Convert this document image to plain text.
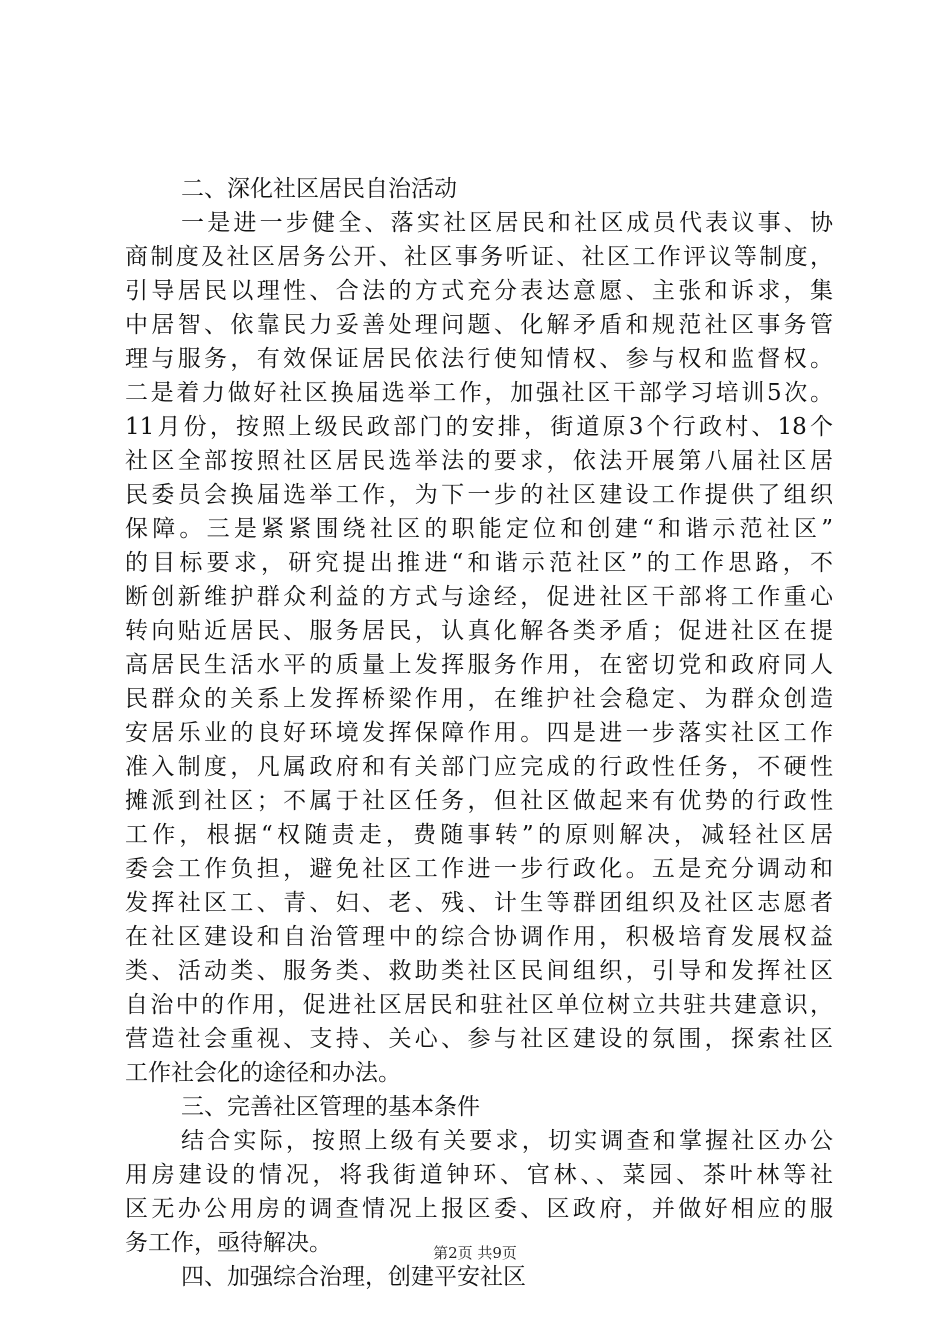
二、深化社区居民自治活动
一是进一步健全、落实社区居民和社区成员代表议事、协
商制度及社区居务公开、社区事务听证、社区工作评议等制度，
引导居民以理性、合法的方式充分表达意愿、主张和诉求，集
中居智、依靠民力妥善处理问题、化解矛盾和规范社区事务管
理与服务，有效保证居民依法行使知情权、参与权和监督权。
二是着力做好社区换届选举工作，加强社区干部学习培训5次。
11月份，按照上级民政部门的安排，街道原3个行政村、18个
社区全部按照社区居民选举法的要求，依法开展第八届社区居
民委员会换届选举工作，为下一步的社区建设工作提供了组织
保障。三是紧紧围绕社区的职能定位和创建“和谐示范社区”
的目标要求，研究提出推进“和谐示范社区”的工作思路，不
断创新维护群众利益的方式与途经，促进社区干部将工作重心
转向贴近居民、服务居民，认真化解各类矛盾；促进社区在提
高居民生活水平的质量上发挥服务作用，在密切党和政府同人
民群众的关系上发挥桥梁作用，在维护社会稳定、为群众创造
安居乐业的良好环境发挥保障作用。四是进一步落实社区工作
准入制度，凡属政府和有关部门应完成的行政性任务，不硬性
摊派到社区；不属于社区任务，但社区做起来有优势的行政性
工作，根据“权随责走，费随事转”的原则解决，减轻社区居
委会工作负担，避免社区工作进一步行政化。五是充分调动和
发挥社区工、青、妇、老、残、计生等群团组织及社区志愿者
在社区建设和自治管理中的综合协调作用，积极培育发展权益
类、活动类、服务类、救助类社区民间组织，引导和发挥社区
自治中的作用，促进社区居民和驻社区单位树立共驻共建意识，
营造社会重视、支持、关心、参与社区建设的氛围，探索社区
工作社会化的途径和办法。
三、完善社区管理的基本条件
结合实际，按照上级有关要求，切实调查和掌握社区办公
用房建设的情况，将我街道钟环、官林、、菜园、茶叶林等社
区无办公用房的调查情况上报区委、区政府，并做好相应的服
务工作，亟待解决。
四、加强综合治理，创建平安社区
第2页 共9页
